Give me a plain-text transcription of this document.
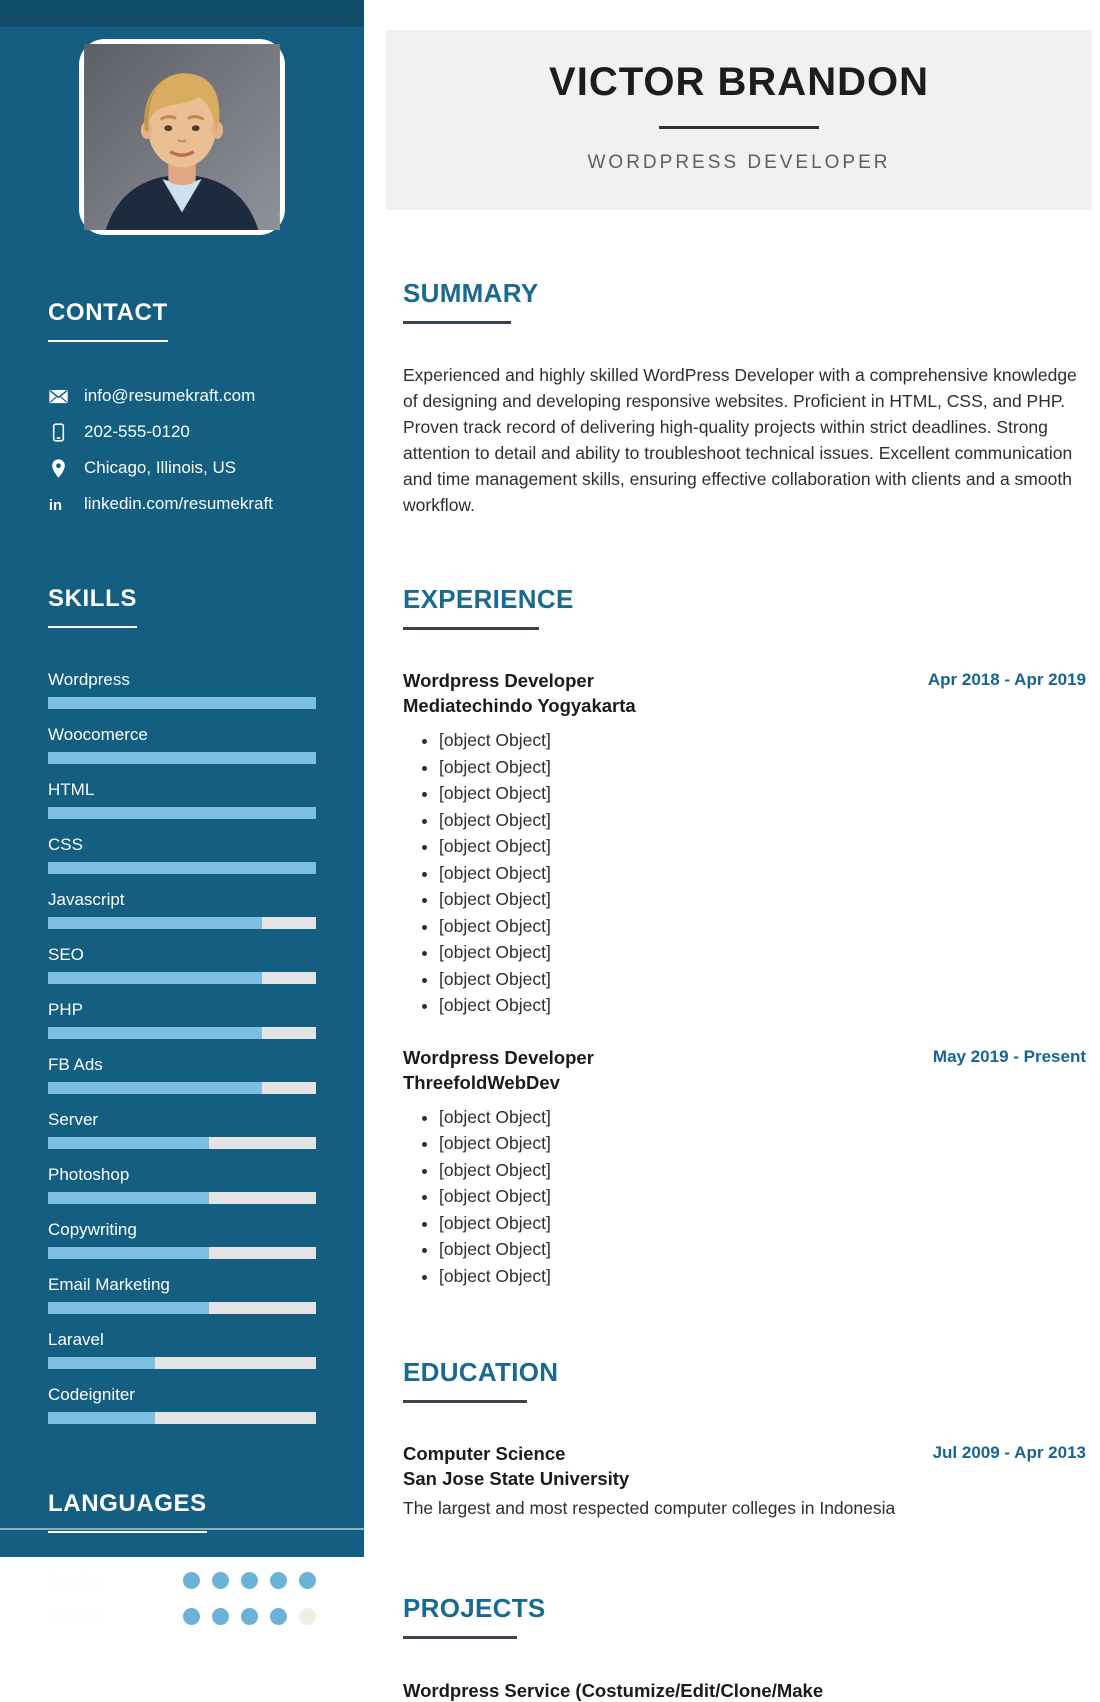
CONTACT
info@resumekraft.com
202-555-0120
Chicago, Illinois, US
in linkedin.com/resumekraft
SKILLS
Wordpress
Woocomerce
HTML
CSS
Javascript
SEO
PHP
FB Ads
Server
Photoshop
Copywriting
Email Marketing
Laravel
Codeigniter
LANGUAGES
English
French
VICTOR BRANDON
WORDPRESS DEVELOPER
SUMMARY

Experienced and highly skilled WordPress Developer with a comprehensive knowledge of designing and developing responsive websites. Proficient in HTML, CSS, and PHP. Proven track record of delivering high-quality projects within strict deadlines. Strong attention to detail and ability to troubleshoot technical issues. Excellent communication and time management skills, ensuring effective collaboration with clients and a smooth workflow.

EXPERIENCE
Wordpress Developer
Mediatechindo Yogyakarta
Apr 2018 - Apr 2019
• [object Object]
• [object Object]
• [object Object]
• [object Object]
• [object Object]
• [object Object]
• [object Object]
• [object Object]
• [object Object]
• [object Object]
• [object Object]
Wordpress Developer
ThreefoldWebDev
May 2019 - Present
• [object Object]
• [object Object]
• [object Object]
• [object Object]
• [object Object]
• [object Object]
• [object Object]
EDUCATION
Computer Science
San Jose State University
Jul 2009 - Apr 2013
The largest and most respected computer colleges in Indonesia
PROJECTS
Wordpress Service (Costumize/Edit/Clone/Make
